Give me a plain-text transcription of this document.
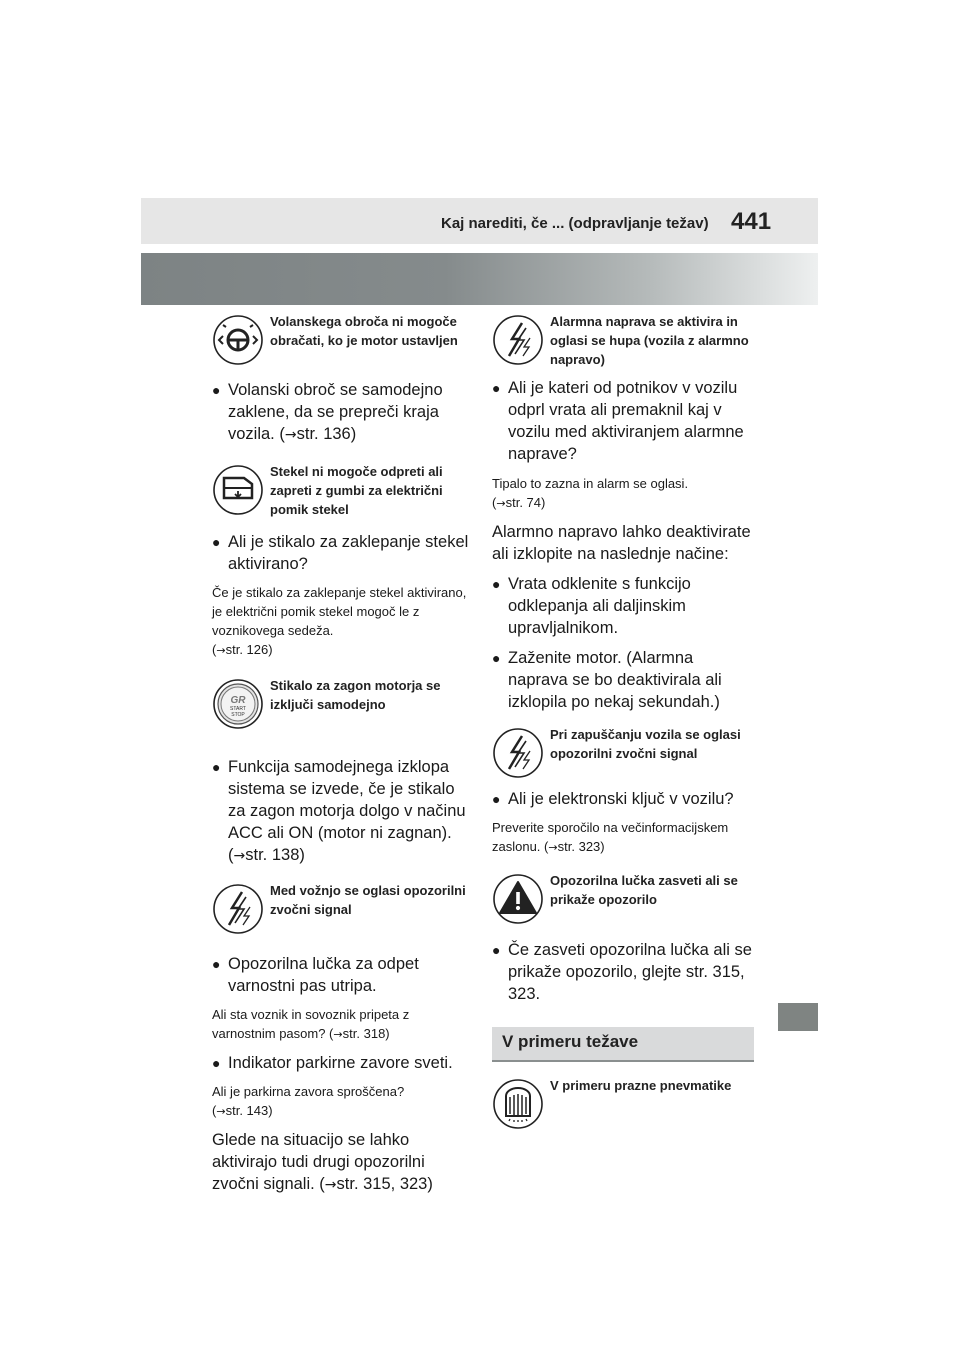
Kaj narediti, če ... (odpravljanje težav) 441
Volanskega obroča ni mogoče obračati, ko je motor ustavljen
● Volanski obroč se samodejno zaklene, da se prepreči kraja vozila. (→str. 136)
Stekel ni mogoče odpreti ali zapreti z gumbi za električni pomik stekel
● Ali je stikalo za zaklepanje stekel aktivirano?

Če je stikalo za zaklepanje stekel aktivirano, je električni pomik stekel mogoč le z voznikovega sedeža.
(→str. 126)

GR
START
STOP
Stikalo za zagon motorja se izključi samodejno
● Funkcija samodejnega izklopa sistema se izvede, če je stikalo za zagon motorja dolgo v načinu ACC ali ON (motor ni zagnan).
(→str. 138)
Med vožnjo se oglasi opozorilni zvočni signal
● Opozorilna lučka za odpet varnostni pas utripa.

Ali sta voznik in sovoznik pripeta z varnostnim pasom? (→str. 318)

● Indikator parkirne zavore sveti.

Ali je parkirna zavora sproščena?
(→str. 143)

Glede na situacijo se lahko aktivirajo tudi drugi opozorilni zvočni signali. (→str. 315, 323)

Alarmna naprava se aktivira in oglasi se hupa (vozila z alarmno napravo)
● Ali je kateri od potnikov v vozilu odprl vrata ali premaknil kaj v vozilu med aktiviranjem alarmne naprave?

Tipalo to zazna in alarm se oglasi.
(→str. 74)

Alarmno napravo lahko deaktivirate ali izklopite na naslednje načine:

● Vrata odklenite s funkcijo odklepanja ali daljinskim upravljalnikom.
● Zaženite motor. (Alarmna naprava se bo deaktivirala ali izklopila po nekaj sekundah.)
Pri zapuščanju vozila se oglasi opozorilni zvočni signal
● Ali je elektronski ključ v vozilu?

Preverite sporočilo na večinformacijskem zaslonu. (→str. 323)

Opozorilna lučka zasveti ali se prikaže opozorilo
● Če zasveti opozorilna lučka ali se prikaže opozorilo, glejte str. 315, 323.
V primeru težave
V primeru prazne pnevmatike
